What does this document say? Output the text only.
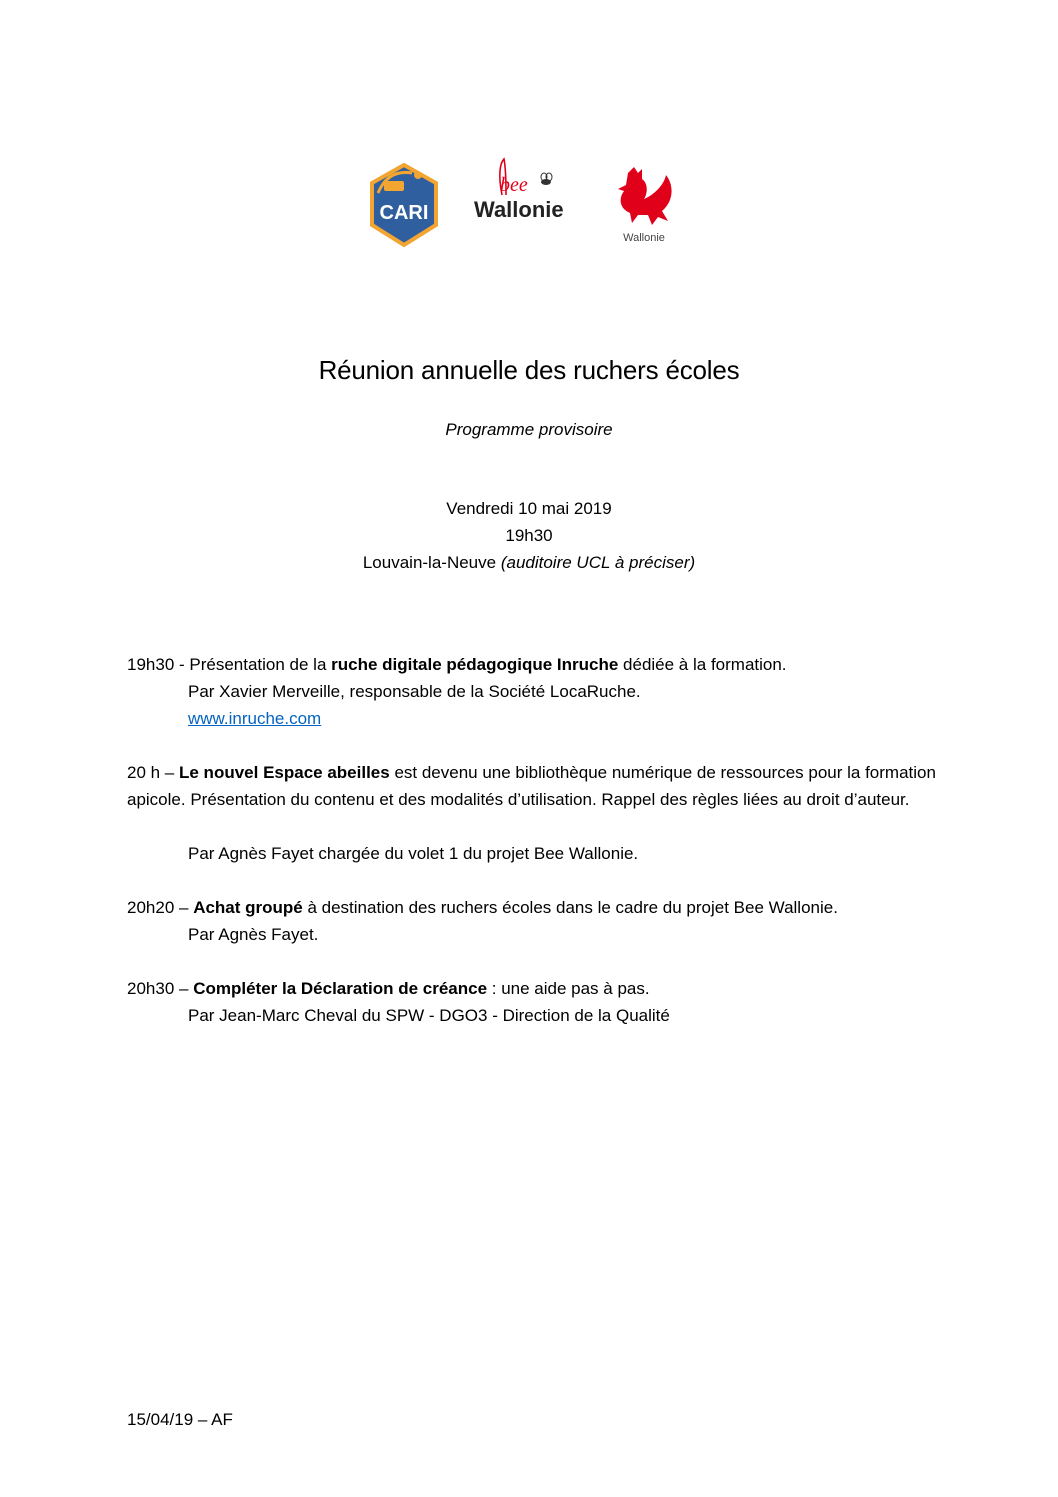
CARI
bee
Wallonie
Wallonie
Réunion annuelle des ruchers écoles
Programme provisoire
Vendredi 10 mai 2019
19h30
Louvain-la-Neuve (auditoire UCL à préciser)

19h30 - Présentation de la ruche digitale pédagogique Inruche dédiée à la formation.

Par Xavier Merveille, responsable de la Société LocaRuche.

www.inruche.com

20 h – Le nouvel Espace abeilles est devenu une bibliothèque numérique de ressources pour la formation apicole. Présentation du contenu et des modalités d’utilisation. Rappel des règles liées au droit d’auteur.

Par Agnès Fayet chargée du volet 1 du projet Bee Wallonie.

20h20 – Achat groupé à destination des ruchers écoles dans le cadre du projet Bee Wallonie.

Par Agnès Fayet.

20h30 – Compléter la Déclaration de créance : une aide pas à pas.

Par Jean-Marc Cheval du SPW - DGO3 - Direction de la Qualité

15/04/19 – AF
